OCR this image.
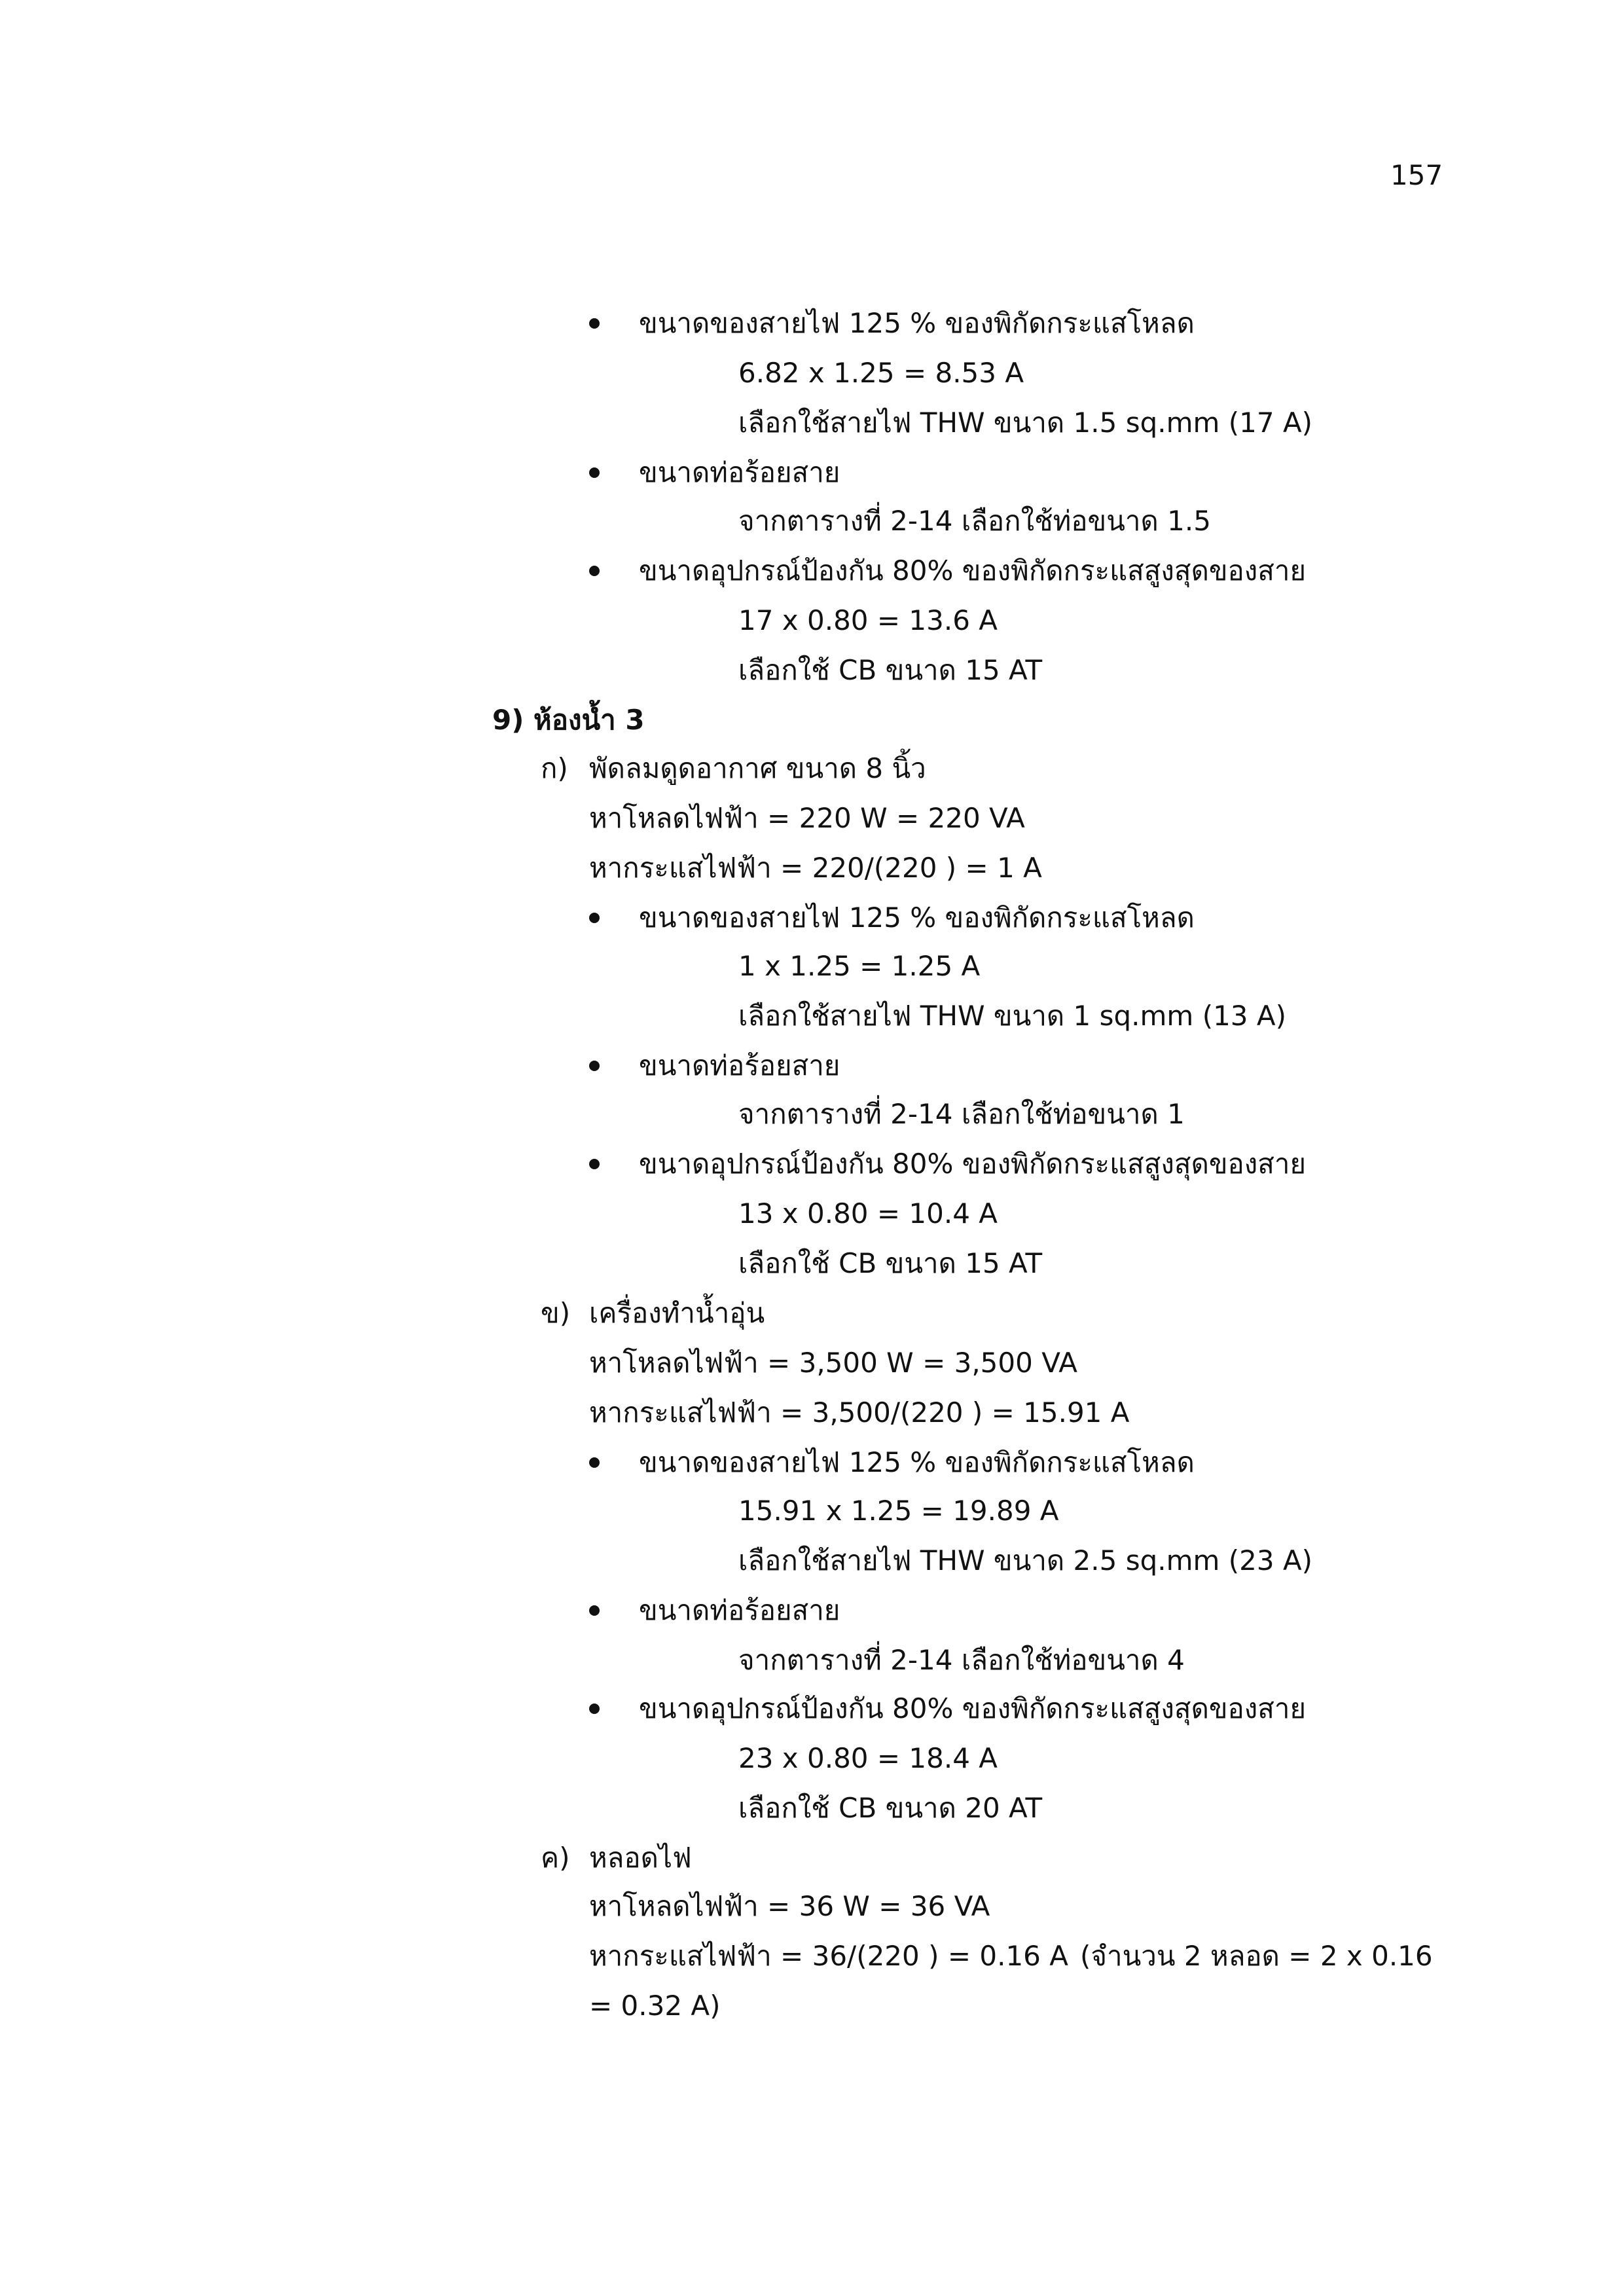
157
ขนาดของสายไฟ 125 % ของพิกัดกระแสโหลด
6.82 x 1.25 = 8.53 A
เลือกใช้สายไฟ THW ขนาด 1.5 sq.mm (17 A)
ขนาดท่อร้อยสาย
จากตารางที่ 2-14 เลือกใช้ท่อขนาด 1.5
ขนาดอุปกรณ์ป้องกัน 80% ของพิกัดกระแสสูงสุดของสาย
17 x 0.80 = 13.6 A
เลือกใช้ CB ขนาด 15 AT
9) ห้องน้ำ 3
ก) พัดลมดูดอากาศ ขนาด 8 นิ้ว
หาโหลดไฟฟ้า = 220 W = 220 VA
หากระแสไฟฟ้า = 220/(220 ) = 1 A
ขนาดของสายไฟ 125 % ของพิกัดกระแสโหลด
1 x 1.25 = 1.25 A
เลือกใช้สายไฟ THW ขนาด 1 sq.mm (13 A)
ขนาดท่อร้อยสาย
จากตารางที่ 2-14 เลือกใช้ท่อขนาด 1
ขนาดอุปกรณ์ป้องกัน 80% ของพิกัดกระแสสูงสุดของสาย
13 x 0.80 = 10.4 A
เลือกใช้ CB ขนาด 15 AT
ข) เครื่องทำน้ำอุ่น
หาโหลดไฟฟ้า = 3,500 W = 3,500 VA
หากระแสไฟฟ้า = 3,500/(220 ) = 15.91 A
ขนาดของสายไฟ 125 % ของพิกัดกระแสโหลด
15.91 x 1.25 = 19.89 A
เลือกใช้สายไฟ THW ขนาด 2.5 sq.mm (23 A)
ขนาดท่อร้อยสาย
จากตารางที่ 2-14 เลือกใช้ท่อขนาด 4
ขนาดอุปกรณ์ป้องกัน 80% ของพิกัดกระแสสูงสุดของสาย
23 x 0.80 = 18.4 A
เลือกใช้ CB ขนาด 20 AT
ค) หลอดไฟ
หาโหลดไฟฟ้า = 36 W = 36 VA
หากระแสไฟฟ้า = 36/(220 ) = 0.16 A (จำนวน 2 หลอด = 2 x 0.16
= 0.32 A)
